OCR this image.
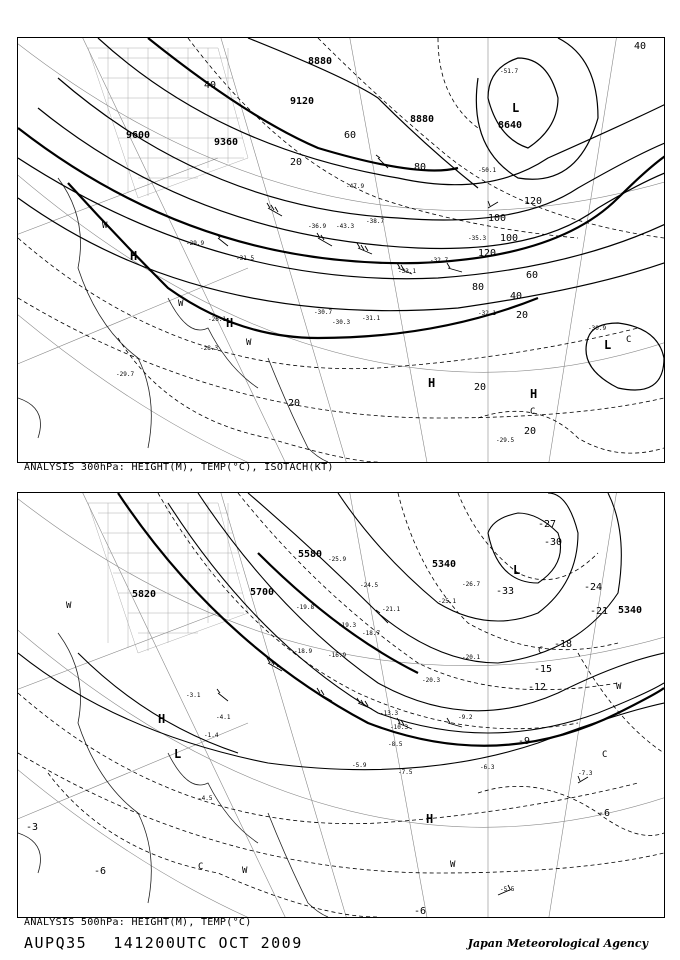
9600
9360
9120
8880
8880
8640
H
H
H
H
L
L
20
40
60
80
100
120
120
100
80
60
40
20
20
20
40
20
-47.9
-43.3
-38.7
-36.9
-35.3
-33.1
-32.7
-31.5
-31.1
-30.9
-30.3
-30.7
-29.9
-29.7
-28.3
-29.5
-32.1
-26.1
-51.7
-50.1
W
W
W
C
C
ANALYSIS 300hPa: HEIGHT(M), TEMP(°C), ISOTACH(KT)
5820	5700
5580
5340
5340
H
H
L
L
-27
-24
-21
-18
-15
-12
-9
-6
-3
-30
-33
-6
-6
-19.8
-18.7
-19.3
-21.1
-24.5
-25.9
-26.7
-25.1
-16.9
-18.9
-20.1
-20.3
-8.5
-7.5
-6.3
-7.3
-5.5
-5.9
-4.1
-3.1
-4.5
-1.4
-13.3
-10.3
-9.2
W
W
W
W
C
C
C
ANALYSIS 500hPa: HEIGHT(M), TEMP(°C)
AUPQ35 141200UTC OCT 2009	Japan Meteorological Agency
